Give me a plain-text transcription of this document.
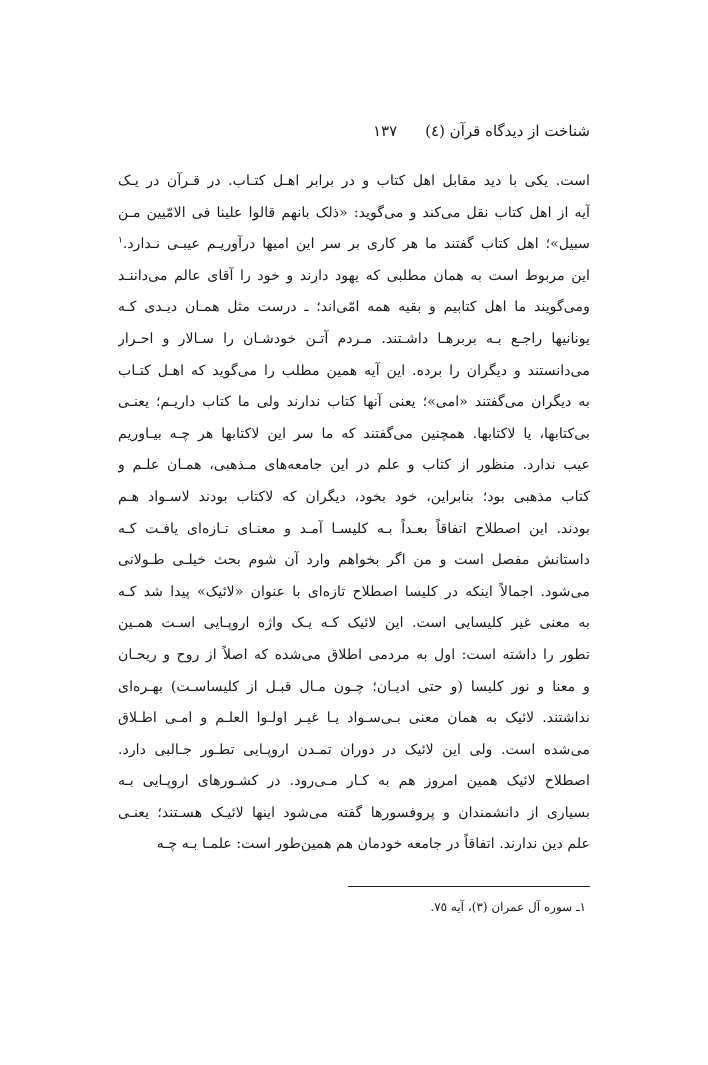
شناخت از دیدگاه قرآن (٤)١٣٧
است. یکی با دید مقابل اهل کتاب و در برابر اهـل کتـاب. در قـرآن در یـک
آیه از اهل کتاب نقل می‌کند و می‌گوید: «ذلک بانهم قالوا علینا فی الامّیین مـن
سبیل»؛ اهل کتاب گفتند ما هر کاری بر سر این امیها درآوریـم عیبـی نـدارد.$^١$
این مربوط است به همان مطلبی که یهود دارند و خود را آقای عالم می‌داننـد
ومی‌گویند ما اهل کتابیم و بقیه همه امّی‌اند؛ ـ درست مثل همـان دیـدی کـه
یونانیها راجـع بـه بربرهـا داشـتند. مـردم آتـن خودشـان را سـالار و احـرار
می‌دانستند و دیگران را برده. این آیه همین مطلب را می‌گوید که اهـل کتـاب
به دیگران می‌گفتند «امی»؛ یعنی آنها کتاب ندارند ولی ما کتاب داریـم؛ یعنـی
بی‌کتابها، یا لاکتابها. همچنین می‌گفتند که ما سر این لاکتابها هر چـه بیـاوریم
عیب ندارد. منظور از کتاب و علم در این جامعه‌های مـذهبی، همـان علـم و
کتاب مذهبی بود؛ بنابراین، خود بخود، دیگران که لاکتاب بودند لاسـواد هـم
بودند. این اصطلاح اتفاقاً بعـداً بـه کلیسـا آمـد و معنـای تـازه‌ای یافـت کـه
داستانش مفصل است و من اگر بخواهم وارد آن شوم بحث خیلـی طـولانی
می‌شود. اجمالاً اینکه در کلیسا اصطلاح تازه‌ای با عنوان «لائیک» پیدا شد کـه
به معنی غیر کلیسایی است. این لائیک کـه یـک واژه اروپـایی اسـت همـین
تطور را داشته است: اول به مردمی اطلاق می‌شده که اصلاً از روح و ریحـان
و معنا و نور کلیسا (و حتی ادیـان؛ چـون مـال قبـل از کلیساسـت) بهـره‌ای
نداشتند. لائیک به همان معنی بـی‌سـواد یـا غیـر اولـوا العلـم و امـی اطـلاق
می‌شده است. ولی این لائیک در دوران تمـدن اروپـایی تطـور جـالبی دارد.
اصطلاح لائیک همین امروز هم به کـار مـی‌رود. در کشـورهای اروپـایی بـه
بسیاری از دانشمندان و پروفسورها گفته می‌شود اینها لائیـک هسـتند؛ یعنـی
علم دین ندارند. اتفاقاً در جامعه خودمان هم همین‌طور است: علمـا بـه چـه
١ـ سوره آل عمران (٣)، آیه ٧٥.
